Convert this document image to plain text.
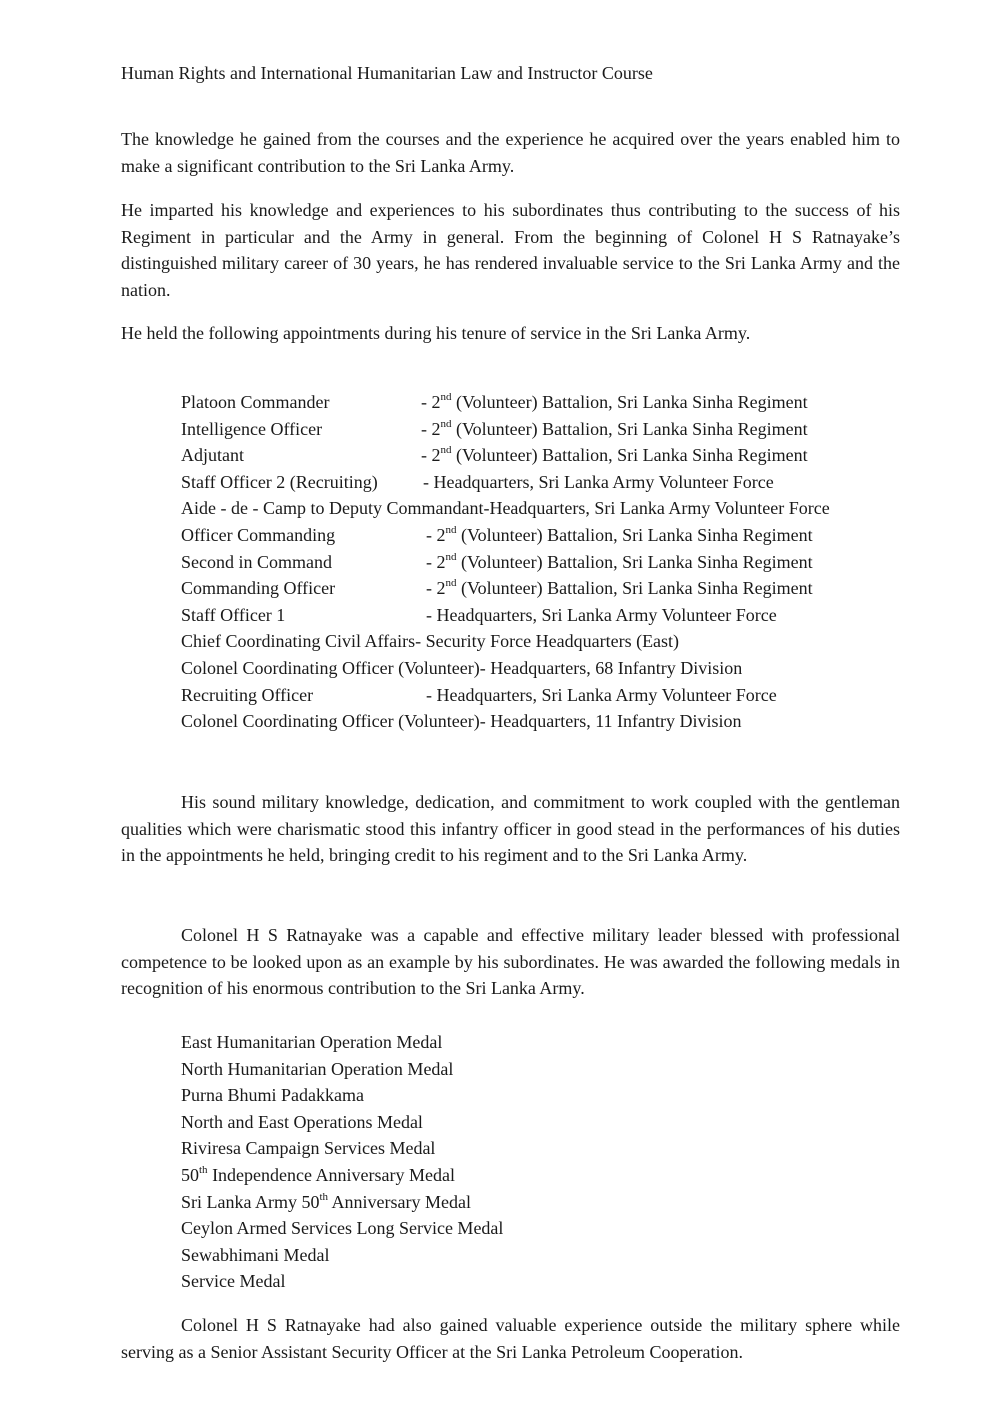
Human Rights and International Humanitarian Law and Instructor Course

The knowledge he gained from the courses and the experience he acquired over the years enabled him to make a significant contribution to the Sri Lanka Army.

He imparted his knowledge and experiences to his subordinates thus contributing to the success of his Regiment in particular and the Army in general. From the beginning of Colonel H S Ratnayake’s distinguished military career of 30 years, he has rendered invaluable service to the Sri Lanka Army and the nation.

He held the following appointments during his tenure of service in the Sri Lanka Army.

Platoon Commander	- 2nd (Volunteer) Battalion, Sri Lanka Sinha Regiment
Intelligence Officer	- 2nd (Volunteer) Battalion, Sri Lanka Sinha Regiment
Adjutant	- 2nd (Volunteer) Battalion, Sri Lanka Sinha Regiment
Staff Officer 2 (Recruiting)	- Headquarters, Sri Lanka Army Volunteer Force
Aide - de - Camp to Deputy Commandant-Headquarters, Sri Lanka Army Volunteer Force
Officer Commanding	- 2nd (Volunteer) Battalion, Sri Lanka Sinha Regiment
Second in Command	- 2nd (Volunteer) Battalion, Sri Lanka Sinha Regiment
Commanding Officer	- 2nd (Volunteer) Battalion, Sri Lanka Sinha Regiment
Staff Officer 1	- Headquarters, Sri Lanka Army Volunteer Force
Chief Coordinating Civil Affairs- Security Force Headquarters (East)
Colonel Coordinating Officer (Volunteer)- Headquarters, 68 Infantry Division
Recruiting Officer	- Headquarters, Sri Lanka Army Volunteer Force
Colonel Coordinating Officer (Volunteer)- Headquarters, 11 Infantry Division

His sound military knowledge, dedication, and commitment to work coupled with the gentleman qualities which were charismatic stood this infantry officer in good stead in the performances of his duties in the appointments he held, bringing credit to his regiment and to the Sri Lanka Army.

Colonel H S Ratnayake was a capable and effective military leader blessed with professional competence to be looked upon as an example by his subordinates. He was awarded the following medals in recognition of his enormous contribution to the Sri Lanka Army.

East Humanitarian Operation Medal
North Humanitarian Operation Medal
Purna Bhumi Padakkama
North and East Operations Medal
Riviresa Campaign Services Medal
50th Independence Anniversary Medal
Sri Lanka Army 50th Anniversary Medal
Ceylon Armed Services Long Service Medal
Sewabhimani Medal
Service Medal

Colonel H S Ratnayake had also gained valuable experience outside the military sphere while serving as a Senior Assistant Security Officer at the Sri Lanka Petroleum Cooperation.
